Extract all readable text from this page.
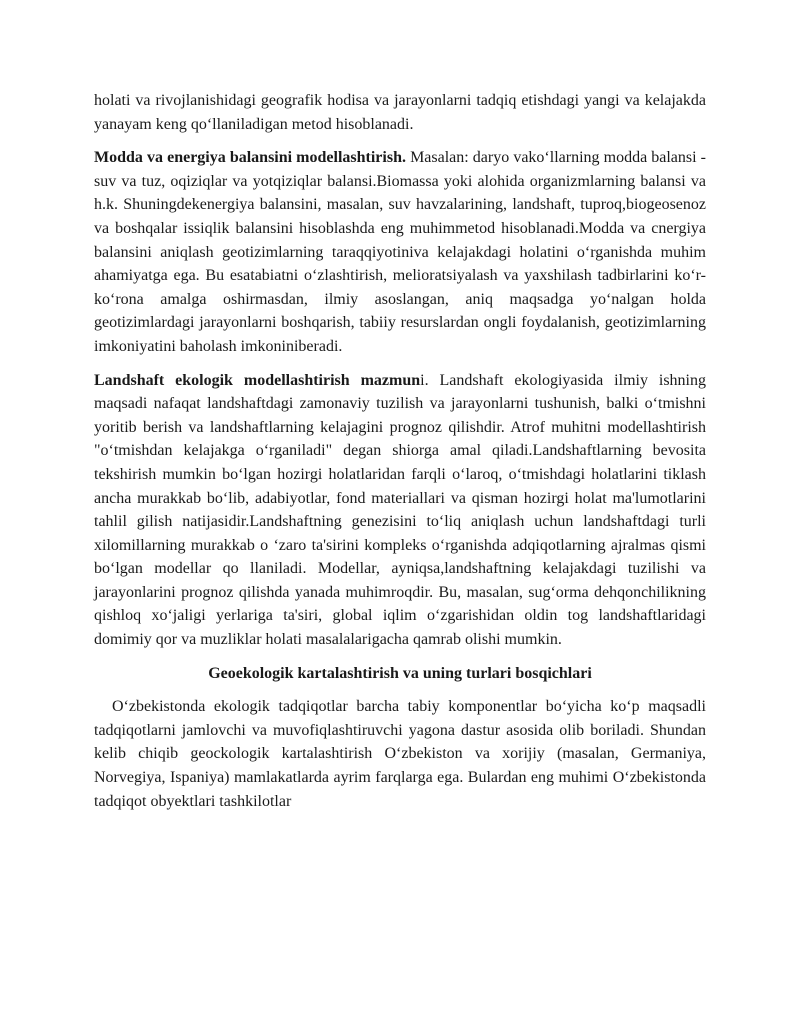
holati va rivojlanishidagi geografik hodisa va jarayonlarni tadqiq etishdagi yangi va kelajakda yanayam keng qo‘llaniladigan metod hisoblanadi.

Modda va energiya balansini modellashtirish. Masalan: daryo vako‘llarning modda balansi - suv va tuz, oqiziqlar va yotqiziqlar balansi.Biomassa yoki alohida organizmlarning balansi va h.k. Shuningdekenergiya balansini, masalan, suv havzalarining, landshaft, tuproq,biogeosenoz va boshqalar issiqlik balansini hisoblashda eng muhimmetod hisoblanadi.Modda va cnergiya balansini aniqlash geotizimlarning taraqqiyotiniva kelajakdagi holatini o‘rganishda muhim ahamiyatga ega. Bu esatabiatni o‘zlashtirish, melioratsiyalash va yaxshilash tadbirlarini ko‘r-ko‘rona amalga oshirmasdan, ilmiy asoslangan, aniq maqsadga yo‘nalgan holda geotizimlardagi jarayonlarni boshqarish, tabiiy resurslardan ongli foydalanish, geotizimlarning imkoniyatini baholash imkoniniberadi.

Landshaft ekologik modellashtirish mazmuni. Landshaft ekologiyasida ilmiy ishning maqsadi nafaqat landshaftdagi zamonaviy tuzilish va jarayonlarni tushunish, balki o‘tmishni yoritib berish va landshaftlarning kelajagini prognoz qilishdir. Atrof muhitni modellashtirish "o‘tmishdan kelajakga o‘rganiladi" degan shiorga amal qiladi.Landshaftlarning bevosita tekshirish mumkin bo‘lgan hozirgi holatlaridan farqli o‘laroq, o‘tmishdagi holatlarini tiklash ancha murakkab bo‘lib, adabiyotlar, fond materiallari va qisman hozirgi holat ma'lumotlarini tahlil gilish natijasidir.Landshaftning genezisini to‘liq aniqlash uchun landshaftdagi turli xilomillarning murakkab o ‘zaro ta'sirini kompleks o‘rganishda adqiqotlarning ajralmas qismi bo‘lgan modellar qo llaniladi. Modellar, ayniqsa,landshaftning kelajakdagi tuzilishi va jarayonlarini prognoz qilishda yanada muhimroqdir. Bu, masalan, sug‘orma dehqonchilikning qishloq xo‘jaligi yerlariga ta'siri, global iqlim o‘zgarishidan oldin tog landshaftlaridagi domimiy qor va muzliklar holati masalalarigacha qamrab olishi mumkin.

Geoekologik kartalashtirish va uning turlari bosqichlari

O‘zbekistonda ekologik tadqiqotlar barcha tabiy komponentlar bo‘yicha ko‘p maqsadli tadqiqotlarni jamlovchi va muvofiqlashtiruvchi yagona dastur asosida olib boriladi. Shundan kelib chiqib geockologik kartalashtirish O‘zbekiston va xorijiy (masalan, Germaniya, Norvegiya, Ispaniya) mamlakatlarda ayrim farqlarga ega. Bulardan eng muhimi O‘zbekistonda tadqiqot obyektlari tashkilotlar
